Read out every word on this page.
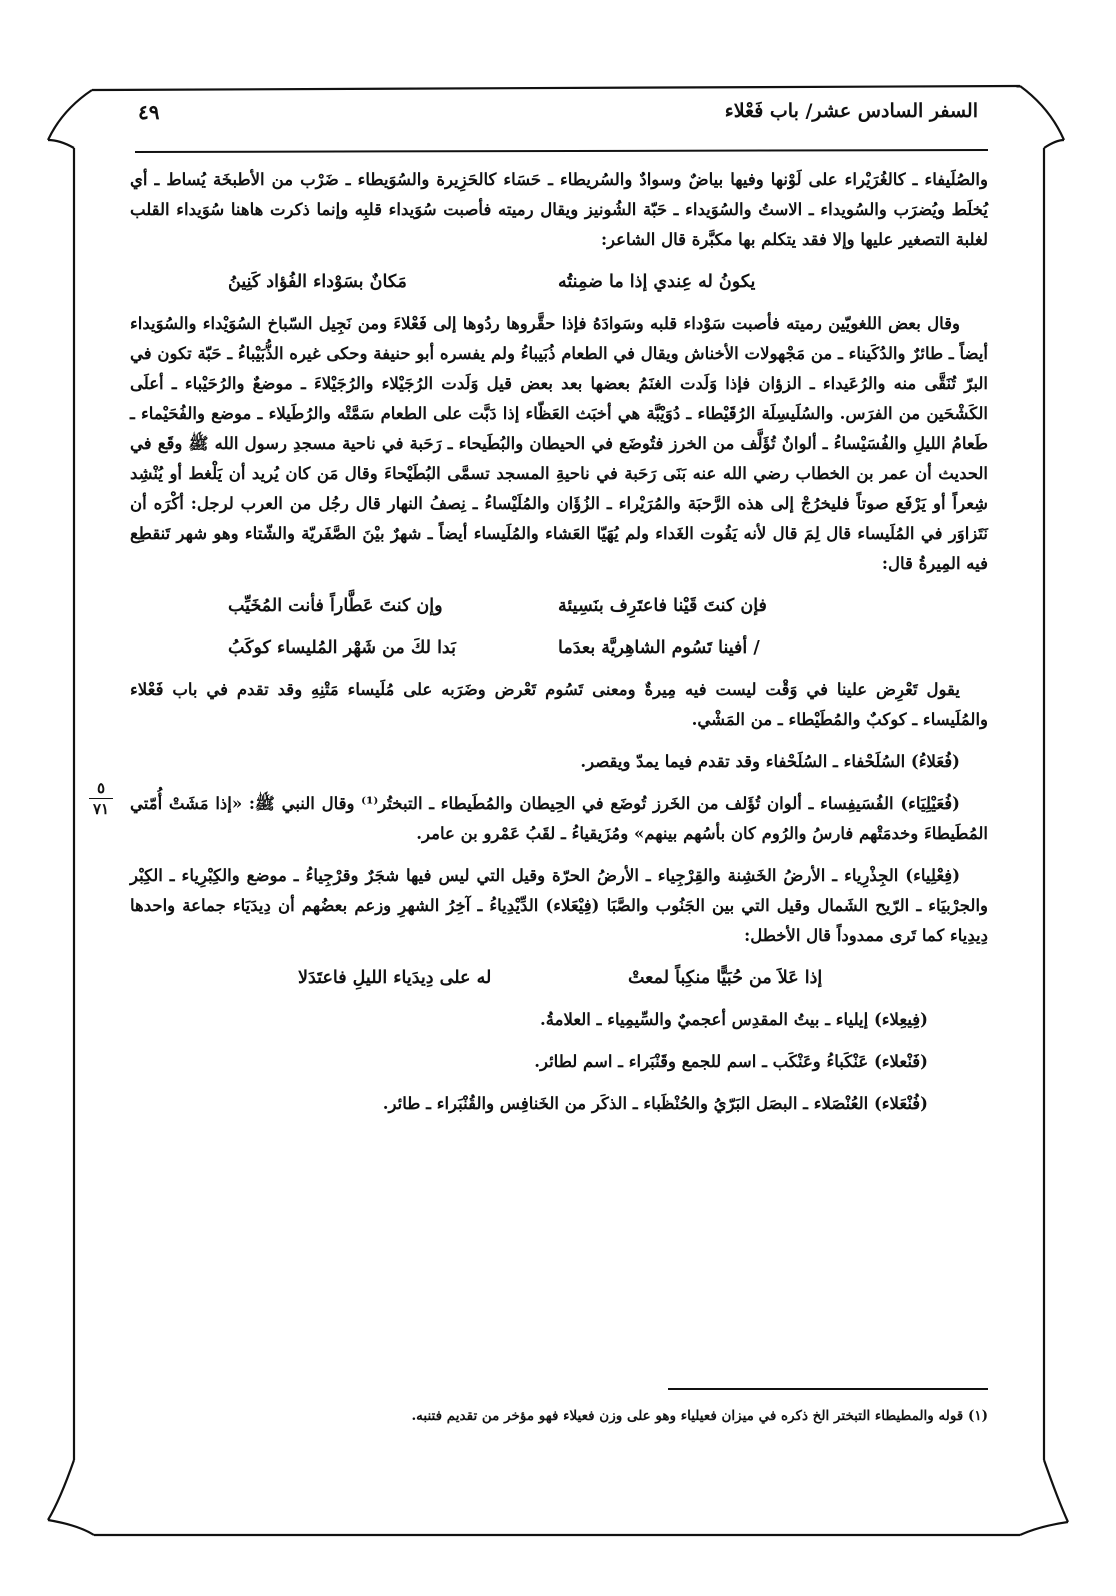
السفر السادس عشر/ باب فَعْلاء
٤٩
٥
٧١

والصُلَيفاء ـ كالغُرَيْراء على لَوْنها وفيها بياضٌ وسوادٌ والسُريطاء ـ حَسَاء كالحَزِيرة والسُوَيطاء ـ ضَرْب من الأطبخَة يُساط ـ أي يُخلَط ويُضرَب والسُويداء ـ الاستُ والسُوَيداء ـ حَبّة الشُونيز ويقال رميته فأصبت سُوَيداء قلبِه وإنما ذكرت هاهنا سُوَيداء القلب لغلبة التصغير عليها وإلا فقد يتكلم بها مكبَّرة قال الشاعر:

يكونُ له عِندي إذا ما ضمِنتُه
مَكانٌ بسَوْداء الفُؤاد كَنِينُ

وقال بعض اللغويّين رميته فأصبت سَوْداء قلبه وسَوادَهُ فإذا حقَّروها ردُوها إلى فَعْلاءَ ومن نَجِيل السّباخ السُوَيْداء والسُوَيداء أيضاً ـ طائرٌ والدُكَيناء ـ من مَجْهولات الأخناش ويقال في الطعام ذُبَيباءُ ولم يفسره أبو حنيفة وحكى غيره الذُّبَيْباءُ ـ حَبّة تكون في البرّ تُنَقَّى منه والرُعَيداء ـ الزؤان فإذا وَلَدت الغنَمُ بعضها بعد بعض قيل وَلَدت الرُجَيْلاء والرُجَيْلاءَ ـ موضعٌ والرُحَيْباء ـ أعلَى الكَشْحَين من الفرَس. والسُلَيسِلَة الرُقَيْطاء ـ دُوَيْبَّة هي أخبَث العَظّاء إذا دَبَّت على الطعام سَمَّتْه والرُطَيلاء ـ موضع والفُحَيْماء ـ طَعامُ الليلِ والفُسَيْساءُ ـ ألوانٌ تُؤَلَّف من الخرز فتُوضَع في الحيطان والبُطَيحاء ـ رَحَبة في ناحية مسجدِ رسول الله ﷺ وقَع في الحديث أن عمر بن الخطاب رضي الله عنه بَنَى رَحَبة في ناحيةِ المسجد تسمَّى البُطَيْحاءَ وقال مَن كان يُريد أن يَلْغط أو يُنْشِد شِعراً أو يَرْفَع صوتاً فليخرُجْ إلى هذه الرَّحبَة والمُرَيْراء ـ الزُؤَان والمُلَيْساءُ ـ نِصفُ النهار قال رجُل من العرب لرجل: أكْرَه أن نَتَزاوَر في المُلَيساء قال لِمَ قال لأنه يَفُوت الغَداء ولم يُهَيّا العَشاء والمُلَيساء أيضاً ـ شهرٌ بيْنَ الصَّفَريّة والشّتاء وهو شهر تَنقطِع فيه المِيرةُ قال:

فإن كنتَ قَيْنا فاعتَرِف بنَسِيئة
وإن كنتَ عَطَّاراً فأنت المُخَيِّب
/ أفينا تَسُوم الشاهِريَّة بعدَما
بَدا لكَ من شَهْر المُليساء كوكَبُ

يقول تَعْرِض علينا في وَقْت ليست فيه مِيرةٌ ومعنى تَسُوم تَعْرض وضَرَبه على مُلَيساء مَتْنِهِ وقد تقدم في باب فَعْلاء والمُلَيساء ـ كوكبٌ والمُطَيْطاء ـ من المَشْي.

(فُعَلاءُ) السُلَحْفاء ـ السُلَحْفاء وقد تقدم فيما يمدّ ويقصر.

(فُعَيْلِيَاء) الفُسَيفِساء ـ ألوان تُؤَلف من الخَرز تُوضَع في الحِيطان والمُطَيطاء ـ التبختُر⁽¹⁾ وقال النبي ﷺ: «إذا مَشَتْ أُمّتي المُطَيطاءَ وخدمَتْهم فارسُ والرُوم كان بأسُهم بينهم» ومُزَيقياءُ ـ لقَبُ عَمْرو بن عامر.

(فِعْلِياء) الجِذْرِياء ـ الأرضُ الخَشِنة والقِرْجِياء ـ الأرضُ الحرّة وقيل التي ليس فيها شجَرٌ وقرْجِياءُ ـ موضع والكِبْرِياء ـ الكِبْر والجرْبيَاء ـ الرّيح الشَمال وقيل التي بين الجَنُوب والصَّبَا (فِيْعَلاء) الدِّيْدِياءُ ـ آخِرُ الشهرِ وزعم بعضُهم أن دِيدَيَاء جماعة واحدها دِيدِياء كما تَرى ممدوداً قال الأخطل:

إذا عَلاَ من حُبَيًّا منكِباً لمعتْ
له على دِيدَياء الليلِ فاعتَدَلا

(فِيعِلاء) إيلياء ـ بيتُ المقدِس أعجميٌ والسِّيمِياء ـ العلامةُ.

(فَنْعلاء) عَنْكَباءُ وعَنْكَب ـ اسم للجمع وقَنْبَراء ـ اسم لطائر.

(فُنْعَلاء) العُنْصَلاء ـ البصَل البَرّيُ والحُنْظَباء ـ الذكَر من الخَنافِس والقُنْبَراء ـ طائر.

(١) قوله والمطيطاء التبختر الخ ذكره في ميزان فعيلياء وهو على وزن فعيلاء فهو مؤخر من تقديم فتنبه.
